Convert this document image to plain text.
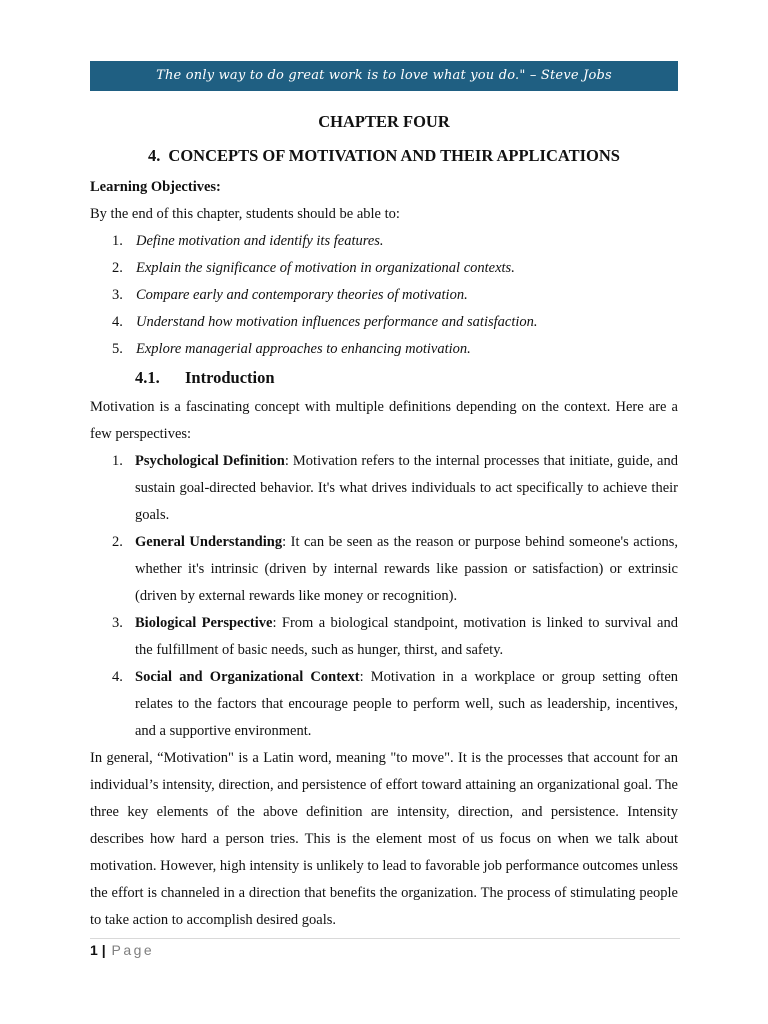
The only way to do great work is to love what you do." – Steve Jobs

CHAPTER FOUR

4. CONCEPTS OF MOTIVATION AND THEIR APPLICATIONS

Learning Objectives:

By the end of this chapter, students should be able to:

1. Define motivation and identify its features.
2. Explain the significance of motivation in organizational contexts.
3. Compare early and contemporary theories of motivation.
4. Understand how motivation influences performance and satisfaction.
5. Explore managerial approaches to enhancing motivation.

4.1.	Introduction

Motivation is a fascinating concept with multiple definitions depending on the context. Here are a few perspectives:

1. Psychological Definition: Motivation refers to the internal processes that initiate, guide, and sustain goal-directed behavior. It's what drives individuals to act specifically to achieve their goals.
2. General Understanding: It can be seen as the reason or purpose behind someone's actions, whether it's intrinsic (driven by internal rewards like passion or satisfaction) or extrinsic (driven by external rewards like money or recognition).
3. Biological Perspective: From a biological standpoint, motivation is linked to survival and the fulfillment of basic needs, such as hunger, thirst, and safety.
4. Social and Organizational Context: Motivation in a workplace or group setting often relates to the factors that encourage people to perform well, such as leadership, incentives, and a supportive environment.

In general, “Motivation" is a Latin word, meaning "to move". It is the processes that account for an individual’s intensity, direction, and persistence of effort toward attaining an organizational goal. The three key elements of the above definition are intensity, direction, and persistence. Intensity describes how hard a person tries. This is the element most of us focus on when we talk about motivation. However, high intensity is unlikely to lead to favorable job performance outcomes unless the effort is channeled in a direction that benefits the organization. The process of stimulating people to take action to accomplish desired goals.

1 | Page
